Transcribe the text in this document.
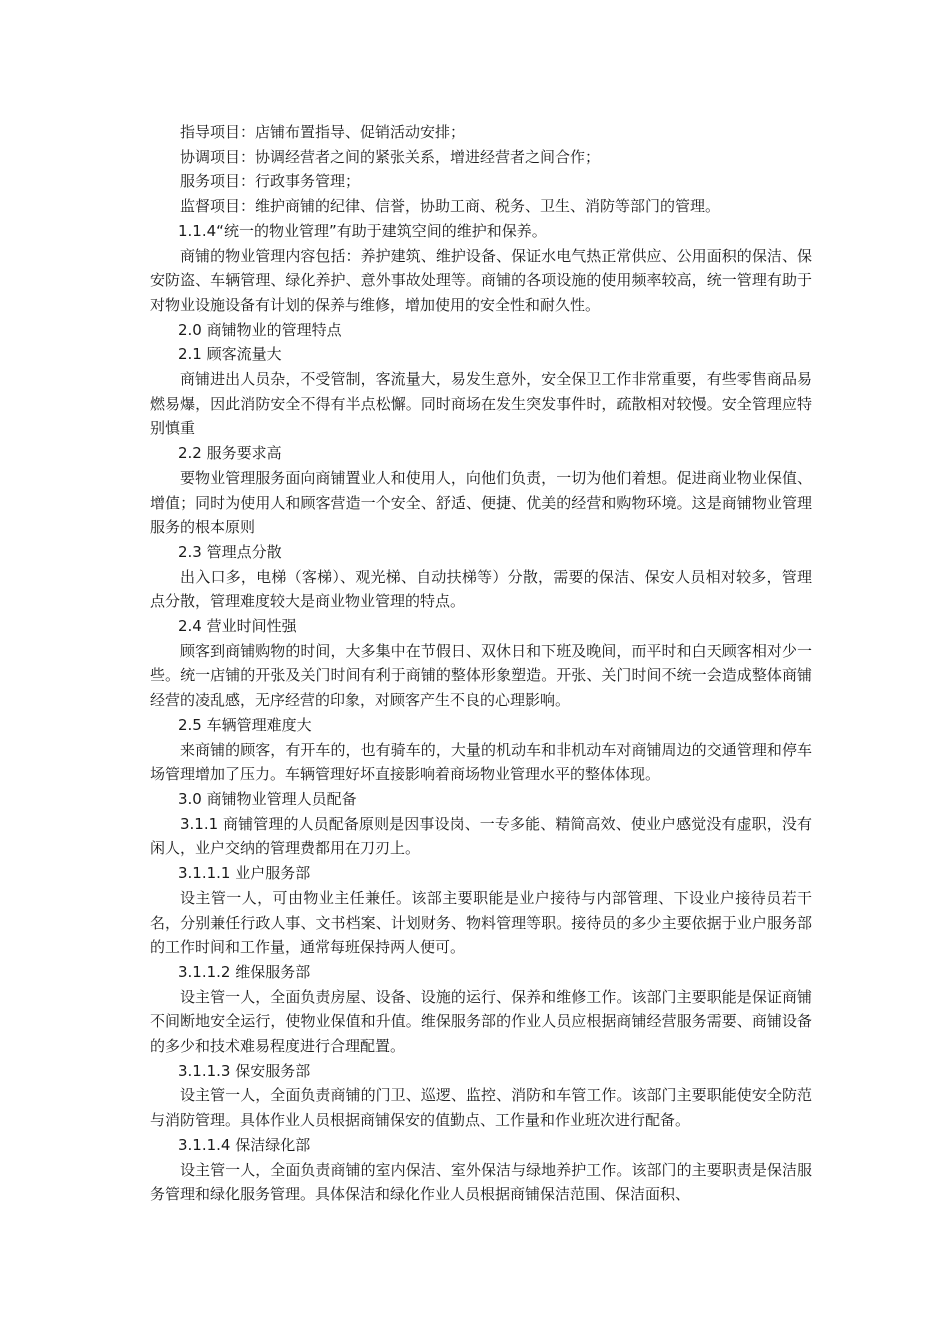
指导项目：店铺布置指导、促销活动安排；

协调项目：协调经营者之间的紧张关系，增进经营者之间合作；

服务项目：行政事务管理；

监督项目：维护商铺的纪律、信誉，协助工商、税务、卫生、消防等部门的管理。

1.1.4“统一的物业管理”有助于建筑空间的维护和保养。

商铺的物业管理内容包括：养护建筑、维护设备、保证水电气热正常供应、公用面积的保洁、保安防盗、车辆管理、绿化养护、意外事故处理等。商铺的各项设施的使用频率较高，统一管理有助于对物业设施设备有计划的保养与维修，增加使用的安全性和耐久性。

2.0 商铺物业的管理特点

2.1 顾客流量大

商铺进出人员杂，不受管制，客流量大，易发生意外，安全保卫工作非常重要，有些零售商品易燃易爆，因此消防安全不得有半点松懈。同时商场在发生突发事件时，疏散相对较慢。安全管理应特别慎重

2.2 服务要求高

要物业管理服务面向商铺置业人和使用人，向他们负责，一切为他们着想。促进商业物业保值、增值；同时为使用人和顾客营造一个安全、舒适、便捷、优美的经营和购物环境。这是商铺物业管理服务的根本原则

2.3 管理点分散

出入口多，电梯（客梯）、观光梯、自动扶梯等）分散，需要的保洁、保安人员相对较多，管理点分散，管理难度较大是商业物业管理的特点。

2.4 营业时间性强

顾客到商铺购物的时间，大多集中在节假日、双休日和下班及晚间，而平时和白天顾客相对少一些。统一店铺的开张及关门时间有利于商铺的整体形象塑造。开张、关门时间不统一会造成整体商铺经营的凌乱感，无序经营的印象，对顾客产生不良的心理影响。

2.5 车辆管理难度大

来商铺的顾客，有开车的，也有骑车的，大量的机动车和非机动车对商铺周边的交通管理和停车场管理增加了压力。车辆管理好坏直接影响着商场物业管理水平的整体体现。

3.0 商铺物业管理人员配备

3.1.1 商铺管理的人员配备原则是因事设岗、一专多能、精简高效、使业户感觉没有虚职，没有闲人，业户交纳的管理费都用在刀刃上。

3.1.1.1 业户服务部

设主管一人，可由物业主任兼任。该部主要职能是业户接待与内部管理、下设业户接待员若干名，分别兼任行政人事、文书档案、计划财务、物料管理等职。接待员的多少主要依据于业户服务部的工作时间和工作量，通常每班保持两人便可。

3.1.1.2 维保服务部

设主管一人，全面负责房屋、设备、设施的运行、保养和维修工作。该部门主要职能是保证商铺不间断地安全运行，使物业保值和升值。维保服务部的作业人员应根据商铺经营服务需要、商铺设备的多少和技术难易程度进行合理配置。

3.1.1.3 保安服务部

设主管一人，全面负责商铺的门卫、巡逻、监控、消防和车管工作。该部门主要职能使安全防范与消防管理。具体作业人员根据商铺保安的值勤点、工作量和作业班次进行配备。

3.1.1.4 保洁绿化部

设主管一人，全面负责商铺的室内保洁、室外保洁与绿地养护工作。该部门的主要职责是保洁服务管理和绿化服务管理。具体保洁和绿化作业人员根据商铺保洁范围、保洁面积、
